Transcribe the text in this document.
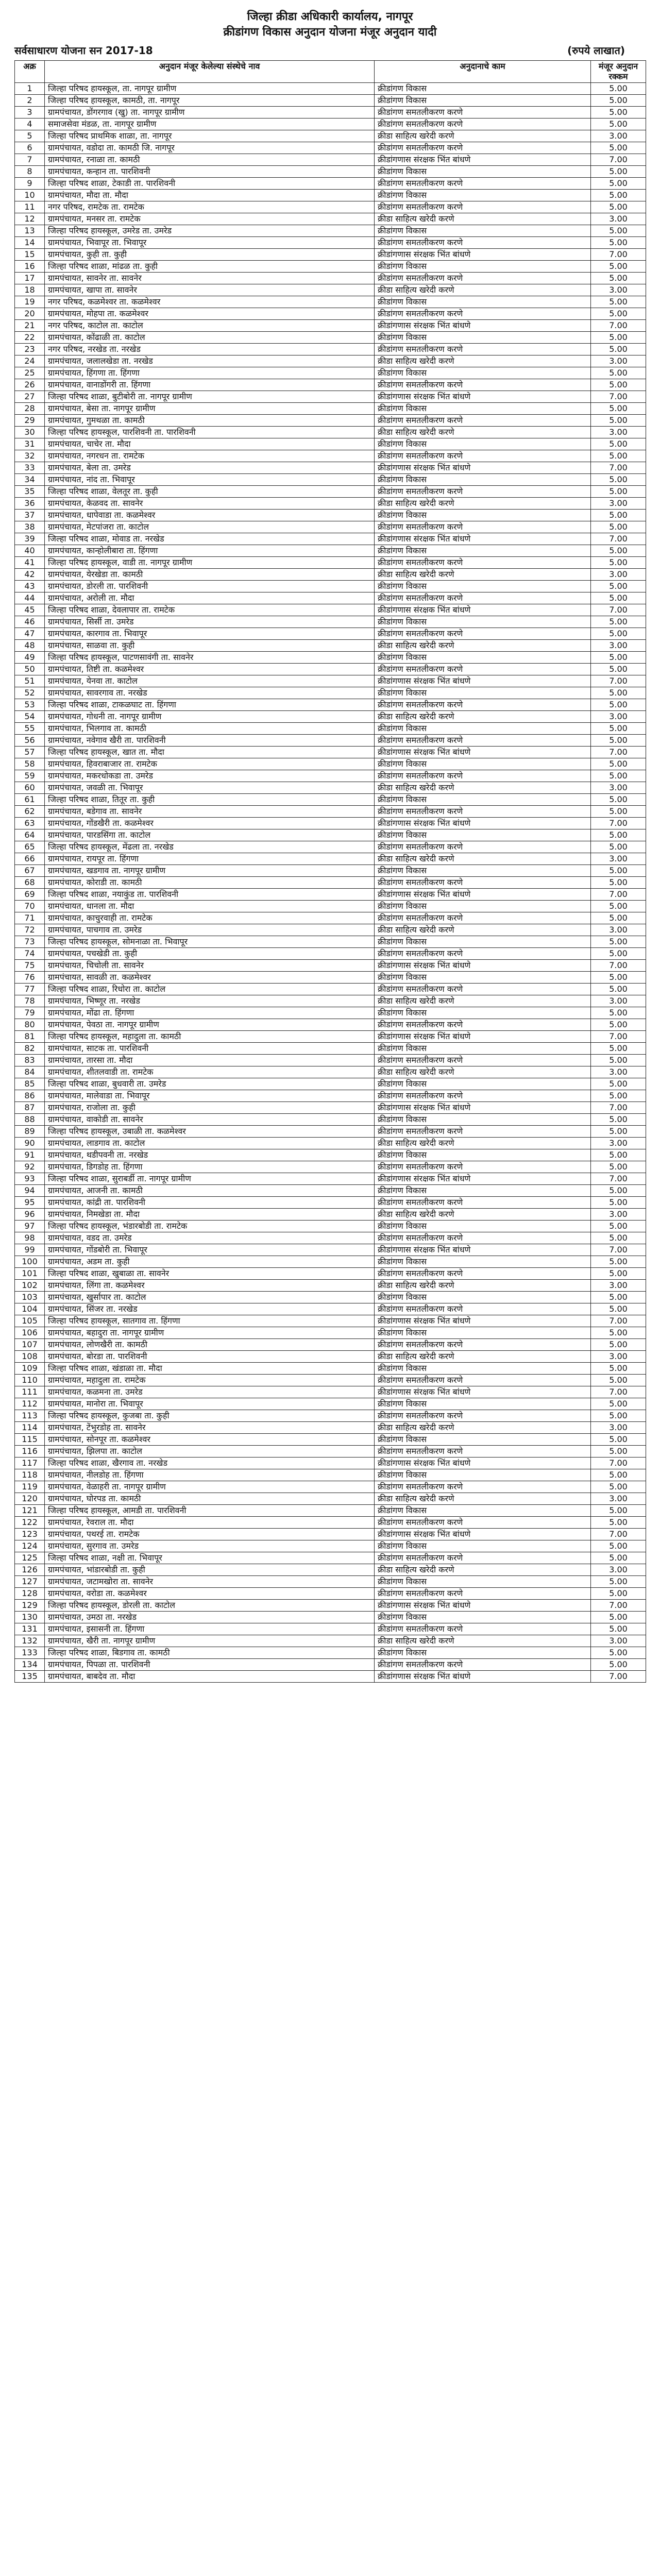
जिल्हा क्रीडा अधिकारी कार्यालय, नागपूर
क्रीडांगण विकास अनुदान योजना मंजूर अनुदान यादी
सर्वसाधारण योजना सन 2017-18	(रुपये लाखात)
अक्र	अनुदान मंजूर केलेल्या संस्थेचे नाव	अनुदानाचे काम	मंजूर अनुदान रक्कम
1	जिल्हा परिषद हायस्कूल, ता. नागपूर ग्रामीण	क्रीडांगण विकास	5.00
2	जिल्हा परिषद हायस्कूल, कामठी, ता. नागपूर	क्रीडांगण विकास	5.00
3	ग्रामपंचायत, डोंगरगाव (खु) ता. नागपूर ग्रामीण	क्रीडांगण समतलीकरण करणे	5.00
4	समाजसेवा मंडळ, ता. नागपूर ग्रामीण	क्रीडांगण समतलीकरण करणे	5.00
5	जिल्हा परिषद प्राथमिक शाळा, ता. नागपूर	क्रीडा साहित्य खरेदी करणे	3.00
6	ग्रामपंचायत, वडोदा ता. कामठी जि. नागपूर	क्रीडांगण समतलीकरण करणे	5.00
7	ग्रामपंचायत, रनाळा ता. कामठी	क्रीडांगणास संरक्षक भिंत बांधणे	7.00
8	ग्रामपंचायत, कन्हान ता. पारशिवनी	क्रीडांगण विकास	5.00
9	जिल्हा परिषद शाळा, टेकाडी ता. पारशिवनी	क्रीडांगण समतलीकरण करणे	5.00
10	ग्रामपंचायत, मौदा ता. मौदा	क्रीडांगण विकास	5.00
11	नगर परिषद, रामटेक ता. रामटेक	क्रीडांगण समतलीकरण करणे	5.00
12	ग्रामपंचायत, मनसर ता. रामटेक	क्रीडा साहित्य खरेदी करणे	3.00
13	जिल्हा परिषद हायस्कूल, उमरेड ता. उमरेड	क्रीडांगण विकास	5.00
14	ग्रामपंचायत, भिवापूर ता. भिवापूर	क्रीडांगण समतलीकरण करणे	5.00
15	ग्रामपंचायत, कुही ता. कुही	क्रीडांगणास संरक्षक भिंत बांधणे	7.00
16	जिल्हा परिषद शाळा, मांढळ ता. कुही	क्रीडांगण विकास	5.00
17	ग्रामपंचायत, सावनेर ता. सावनेर	क्रीडांगण समतलीकरण करणे	5.00
18	ग्रामपंचायत, खापा ता. सावनेर	क्रीडा साहित्य खरेदी करणे	3.00
19	नगर परिषद, कळमेश्वर ता. कळमेश्वर	क्रीडांगण विकास	5.00
20	ग्रामपंचायत, मोहपा ता. कळमेश्वर	क्रीडांगण समतलीकरण करणे	5.00
21	नगर परिषद, काटोल ता. काटोल	क्रीडांगणास संरक्षक भिंत बांधणे	7.00
22	ग्रामपंचायत, कोंढाळी ता. काटोल	क्रीडांगण विकास	5.00
23	नगर परिषद, नरखेड ता. नरखेड	क्रीडांगण समतलीकरण करणे	5.00
24	ग्रामपंचायत, जलालखेडा ता. नरखेड	क्रीडा साहित्य खरेदी करणे	3.00
25	ग्रामपंचायत, हिंगणा ता. हिंगणा	क्रीडांगण विकास	5.00
26	ग्रामपंचायत, वानाडोंगरी ता. हिंगणा	क्रीडांगण समतलीकरण करणे	5.00
27	जिल्हा परिषद शाळा, बुटीबोरी ता. नागपूर ग्रामीण	क्रीडांगणास संरक्षक भिंत बांधणे	7.00
28	ग्रामपंचायत, बेसा ता. नागपूर ग्रामीण	क्रीडांगण विकास	5.00
29	ग्रामपंचायत, गुमथळा ता. कामठी	क्रीडांगण समतलीकरण करणे	5.00
30	जिल्हा परिषद हायस्कूल, पारशिवनी ता. पारशिवनी	क्रीडा साहित्य खरेदी करणे	3.00
31	ग्रामपंचायत, चाचेर ता. मौदा	क्रीडांगण विकास	5.00
32	ग्रामपंचायत, नगरधन ता. रामटेक	क्रीडांगण समतलीकरण करणे	5.00
33	ग्रामपंचायत, बेला ता. उमरेड	क्रीडांगणास संरक्षक भिंत बांधणे	7.00
34	ग्रामपंचायत, नांद ता. भिवापूर	क्रीडांगण विकास	5.00
35	जिल्हा परिषद शाळा, वेलतूर ता. कुही	क्रीडांगण समतलीकरण करणे	5.00
36	ग्रामपंचायत, केळवद ता. सावनेर	क्रीडा साहित्य खरेदी करणे	3.00
37	ग्रामपंचायत, धापेवाडा ता. कळमेश्वर	क्रीडांगण विकास	5.00
38	ग्रामपंचायत, मेटपांजरा ता. काटोल	क्रीडांगण समतलीकरण करणे	5.00
39	जिल्हा परिषद शाळा, मोवाड ता. नरखेड	क्रीडांगणास संरक्षक भिंत बांधणे	7.00
40	ग्रामपंचायत, कान्होलीबारा ता. हिंगणा	क्रीडांगण विकास	5.00
41	जिल्हा परिषद हायस्कूल, वाडी ता. नागपूर ग्रामीण	क्रीडांगण समतलीकरण करणे	5.00
42	ग्रामपंचायत, येरखेडा ता. कामठी	क्रीडा साहित्य खरेदी करणे	3.00
43	ग्रामपंचायत, डोरली ता. पारशिवनी	क्रीडांगण विकास	5.00
44	ग्रामपंचायत, अरोली ता. मौदा	क्रीडांगण समतलीकरण करणे	5.00
45	जिल्हा परिषद शाळा, देवलापार ता. रामटेक	क्रीडांगणास संरक्षक भिंत बांधणे	7.00
46	ग्रामपंचायत, सिर्सी ता. उमरेड	क्रीडांगण विकास	5.00
47	ग्रामपंचायत, कारगाव ता. भिवापूर	क्रीडांगण समतलीकरण करणे	5.00
48	ग्रामपंचायत, साळवा ता. कुही	क्रीडा साहित्य खरेदी करणे	3.00
49	जिल्हा परिषद हायस्कूल, पाटणसावंगी ता. सावनेर	क्रीडांगण विकास	5.00
50	ग्रामपंचायत, तिष्टी ता. कळमेश्वर	क्रीडांगण समतलीकरण करणे	5.00
51	ग्रामपंचायत, येनवा ता. काटोल	क्रीडांगणास संरक्षक भिंत बांधणे	7.00
52	ग्रामपंचायत, सावरगाव ता. नरखेड	क्रीडांगण विकास	5.00
53	जिल्हा परिषद शाळा, टाकळघाट ता. हिंगणा	क्रीडांगण समतलीकरण करणे	5.00
54	ग्रामपंचायत, गोधनी ता. नागपूर ग्रामीण	क्रीडा साहित्य खरेदी करणे	3.00
55	ग्रामपंचायत, भिलगाव ता. कामठी	क्रीडांगण विकास	5.00
56	ग्रामपंचायत, नवेगाव खैरी ता. पारशिवनी	क्रीडांगण समतलीकरण करणे	5.00
57	जिल्हा परिषद हायस्कूल, खात ता. मौदा	क्रीडांगणास संरक्षक भिंत बांधणे	7.00
58	ग्रामपंचायत, हिवराबाजार ता. रामटेक	क्रीडांगण विकास	5.00
59	ग्रामपंचायत, मकरधोकडा ता. उमरेड	क्रीडांगण समतलीकरण करणे	5.00
60	ग्रामपंचायत, जवळी ता. भिवापूर	क्रीडा साहित्य खरेदी करणे	3.00
61	जिल्हा परिषद शाळा, तितूर ता. कुही	क्रीडांगण विकास	5.00
62	ग्रामपंचायत, बडेगाव ता. सावनेर	क्रीडांगण समतलीकरण करणे	5.00
63	ग्रामपंचायत, गोंडखैरी ता. कळमेश्वर	क्रीडांगणास संरक्षक भिंत बांधणे	7.00
64	ग्रामपंचायत, पारडसिंगा ता. काटोल	क्रीडांगण विकास	5.00
65	जिल्हा परिषद हायस्कूल, मेंढला ता. नरखेड	क्रीडांगण समतलीकरण करणे	5.00
66	ग्रामपंचायत, रायपूर ता. हिंगणा	क्रीडा साहित्य खरेदी करणे	3.00
67	ग्रामपंचायत, खडगाव ता. नागपूर ग्रामीण	क्रीडांगण विकास	5.00
68	ग्रामपंचायत, कोराडी ता. कामठी	क्रीडांगण समतलीकरण करणे	5.00
69	जिल्हा परिषद शाळा, नयाकुंड ता. पारशिवनी	क्रीडांगणास संरक्षक भिंत बांधणे	7.00
70	ग्रामपंचायत, धानला ता. मौदा	क्रीडांगण विकास	5.00
71	ग्रामपंचायत, काचुरवाही ता. रामटेक	क्रीडांगण समतलीकरण करणे	5.00
72	ग्रामपंचायत, पाचगाव ता. उमरेड	क्रीडा साहित्य खरेदी करणे	3.00
73	जिल्हा परिषद हायस्कूल, सोमनाळा ता. भिवापूर	क्रीडांगण विकास	5.00
74	ग्रामपंचायत, पचखेडी ता. कुही	क्रीडांगण समतलीकरण करणे	5.00
75	ग्रामपंचायत, चिचोली ता. सावनेर	क्रीडांगणास संरक्षक भिंत बांधणे	7.00
76	ग्रामपंचायत, सावळी ता. कळमेश्वर	क्रीडांगण विकास	5.00
77	जिल्हा परिषद शाळा, रिधोरा ता. काटोल	क्रीडांगण समतलीकरण करणे	5.00
78	ग्रामपंचायत, भिष्णूर ता. नरखेड	क्रीडा साहित्य खरेदी करणे	3.00
79	ग्रामपंचायत, मोंढा ता. हिंगणा	क्रीडांगण विकास	5.00
80	ग्रामपंचायत, पेवठा ता. नागपूर ग्रामीण	क्रीडांगण समतलीकरण करणे	5.00
81	जिल्हा परिषद हायस्कूल, महादुला ता. कामठी	क्रीडांगणास संरक्षक भिंत बांधणे	7.00
82	ग्रामपंचायत, साटक ता. पारशिवनी	क्रीडांगण विकास	5.00
83	ग्रामपंचायत, तारसा ता. मौदा	क्रीडांगण समतलीकरण करणे	5.00
84	ग्रामपंचायत, शीतलवाडी ता. रामटेक	क्रीडा साहित्य खरेदी करणे	3.00
85	जिल्हा परिषद शाळा, बुधवारी ता. उमरेड	क्रीडांगण विकास	5.00
86	ग्रामपंचायत, मालेवाडा ता. भिवापूर	क्रीडांगण समतलीकरण करणे	5.00
87	ग्रामपंचायत, राजोला ता. कुही	क्रीडांगणास संरक्षक भिंत बांधणे	7.00
88	ग्रामपंचायत, वाकोडी ता. सावनेर	क्रीडांगण विकास	5.00
89	जिल्हा परिषद हायस्कूल, उबाळी ता. कळमेश्वर	क्रीडांगण समतलीकरण करणे	5.00
90	ग्रामपंचायत, लाडगाव ता. काटोल	क्रीडा साहित्य खरेदी करणे	3.00
91	ग्रामपंचायत, थडीपवनी ता. नरखेड	क्रीडांगण विकास	5.00
92	ग्रामपंचायत, डिगडोह ता. हिंगणा	क्रीडांगण समतलीकरण करणे	5.00
93	जिल्हा परिषद शाळा, सुराबर्डी ता. नागपूर ग्रामीण	क्रीडांगणास संरक्षक भिंत बांधणे	7.00
94	ग्रामपंचायत, आजनी ता. कामठी	क्रीडांगण विकास	5.00
95	ग्रामपंचायत, कांद्री ता. पारशिवनी	क्रीडांगण समतलीकरण करणे	5.00
96	ग्रामपंचायत, निमखेडा ता. मौदा	क्रीडा साहित्य खरेदी करणे	3.00
97	जिल्हा परिषद हायस्कूल, भंडारबोडी ता. रामटेक	क्रीडांगण विकास	5.00
98	ग्रामपंचायत, वडद ता. उमरेड	क्रीडांगण समतलीकरण करणे	5.00
99	ग्रामपंचायत, गोंडबोरी ता. भिवापूर	क्रीडांगणास संरक्षक भिंत बांधणे	7.00
100	ग्रामपंचायत, अडम ता. कुही	क्रीडांगण विकास	5.00
101	जिल्हा परिषद शाळा, खुबाळा ता. सावनेर	क्रीडांगण समतलीकरण करणे	5.00
102	ग्रामपंचायत, लिंगा ता. कळमेश्वर	क्रीडा साहित्य खरेदी करणे	3.00
103	ग्रामपंचायत, खुर्सापार ता. काटोल	क्रीडांगण विकास	5.00
104	ग्रामपंचायत, सिंजर ता. नरखेड	क्रीडांगण समतलीकरण करणे	5.00
105	जिल्हा परिषद हायस्कूल, सातगाव ता. हिंगणा	क्रीडांगणास संरक्षक भिंत बांधणे	7.00
106	ग्रामपंचायत, बहादुरा ता. नागपूर ग्रामीण	क्रीडांगण विकास	5.00
107	ग्रामपंचायत, लोणखैरी ता. कामठी	क्रीडांगण समतलीकरण करणे	5.00
108	ग्रामपंचायत, बोरडा ता. पारशिवनी	क्रीडा साहित्य खरेदी करणे	3.00
109	जिल्हा परिषद शाळा, खंडाळा ता. मौदा	क्रीडांगण विकास	5.00
110	ग्रामपंचायत, महादुला ता. रामटेक	क्रीडांगण समतलीकरण करणे	5.00
111	ग्रामपंचायत, कळमना ता. उमरेड	क्रीडांगणास संरक्षक भिंत बांधणे	7.00
112	ग्रामपंचायत, मानोरा ता. भिवापूर	क्रीडांगण विकास	5.00
113	जिल्हा परिषद हायस्कूल, कुजबा ता. कुही	क्रीडांगण समतलीकरण करणे	5.00
114	ग्रामपंचायत, टेंभुरडोह ता. सावनेर	क्रीडा साहित्य खरेदी करणे	3.00
115	ग्रामपंचायत, सोनपूर ता. कळमेश्वर	क्रीडांगण विकास	5.00
116	ग्रामपंचायत, झिलपा ता. काटोल	क्रीडांगण समतलीकरण करणे	5.00
117	जिल्हा परिषद शाळा, खैरगाव ता. नरखेड	क्रीडांगणास संरक्षक भिंत बांधणे	7.00
118	ग्रामपंचायत, नीलडोह ता. हिंगणा	क्रीडांगण विकास	5.00
119	ग्रामपंचायत, वेळाहरी ता. नागपूर ग्रामीण	क्रीडांगण समतलीकरण करणे	5.00
120	ग्रामपंचायत, घोरपड ता. कामठी	क्रीडा साहित्य खरेदी करणे	3.00
121	जिल्हा परिषद हायस्कूल, आमडी ता. पारशिवनी	क्रीडांगण विकास	5.00
122	ग्रामपंचायत, रेवराल ता. मौदा	क्रीडांगण समतलीकरण करणे	5.00
123	ग्रामपंचायत, पथरई ता. रामटेक	क्रीडांगणास संरक्षक भिंत बांधणे	7.00
124	ग्रामपंचायत, सुरगाव ता. उमरेड	क्रीडांगण विकास	5.00
125	जिल्हा परिषद शाळा, नक्षी ता. भिवापूर	क्रीडांगण समतलीकरण करणे	5.00
126	ग्रामपंचायत, भांडारबोडी ता. कुही	क्रीडा साहित्य खरेदी करणे	3.00
127	ग्रामपंचायत, जटामखोरा ता. सावनेर	क्रीडांगण विकास	5.00
128	ग्रामपंचायत, वरोडा ता. कळमेश्वर	क्रीडांगण समतलीकरण करणे	5.00
129	जिल्हा परिषद हायस्कूल, डोरली ता. काटोल	क्रीडांगणास संरक्षक भिंत बांधणे	7.00
130	ग्रामपंचायत, उमठा ता. नरखेड	क्रीडांगण विकास	5.00
131	ग्रामपंचायत, इसासनी ता. हिंगणा	क्रीडांगण समतलीकरण करणे	5.00
132	ग्रामपंचायत, खैरी ता. नागपूर ग्रामीण	क्रीडा साहित्य खरेदी करणे	3.00
133	जिल्हा परिषद शाळा, बिडगाव ता. कामठी	क्रीडांगण विकास	5.00
134	ग्रामपंचायत, पिपळा ता. पारशिवनी	क्रीडांगण समतलीकरण करणे	5.00
135	ग्रामपंचायत, बाबदेव ता. मौदा	क्रीडांगणास संरक्षक भिंत बांधणे	7.00
